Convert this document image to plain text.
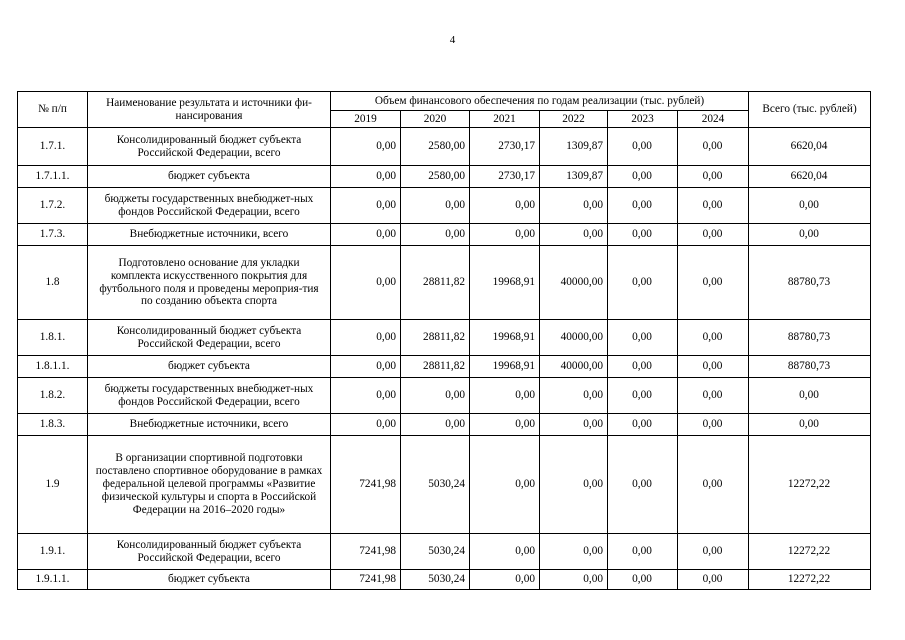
4
№ п/п	Наименование результата и источники фи-нансирования	Объем финансового обеспечения по годам реализации (тыс. рублей)						Всего (тыс. рублей)
		2019	2020	2021	2022	2023	2024	
1.7.1.	Консолидированный бюджет субъекта Российской Федерации, всего	0,00	2580,00	2730,17	1309,87	0,00	0,00	6620,04
1.7.1.1.	бюджет субъекта	0,00	2580,00	2730,17	1309,87	0,00	0,00	6620,04
1.7.2.	бюджеты государственных внебюджет-ных фондов Российской Федерации, всего	0,00	0,00	0,00	0,00	0,00	0,00	0,00
1.7.3.	Внебюджетные источники, всего	0,00	0,00	0,00	0,00	0,00	0,00	0,00
1.8	Подготовлено основание для укладки комплекта искусственного покрытия для футбольного поля и проведены мероприя-тия по созданию объекта спорта	0,00	28811,82	19968,91	40000,00	0,00	0,00	88780,73
1.8.1.	Консолидированный бюджет субъекта Российской Федерации, всего	0,00	28811,82	19968,91	40000,00	0,00	0,00	88780,73
1.8.1.1.	бюджет субъекта	0,00	28811,82	19968,91	40000,00	0,00	0,00	88780,73
1.8.2.	бюджеты государственных внебюджет-ных фондов Российской Федерации, всего	0,00	0,00	0,00	0,00	0,00	0,00	0,00
1.8.3.	Внебюджетные источники, всего	0,00	0,00	0,00	0,00	0,00	0,00	0,00
1.9	В организации спортивной подготовки поставлено спортивное оборудование в рамках федеральной целевой программы «Развитие физической культуры и спорта в Российской Федерации на 2016–2020 годы»	7241,98	5030,24	0,00	0,00	0,00	0,00	12272,22
1.9.1.	Консолидированный бюджет субъекта Российской Федерации, всего	7241,98	5030,24	0,00	0,00	0,00	0,00	12272,22
1.9.1.1.	бюджет субъекта	7241,98	5030,24	0,00	0,00	0,00	0,00	12272,22
